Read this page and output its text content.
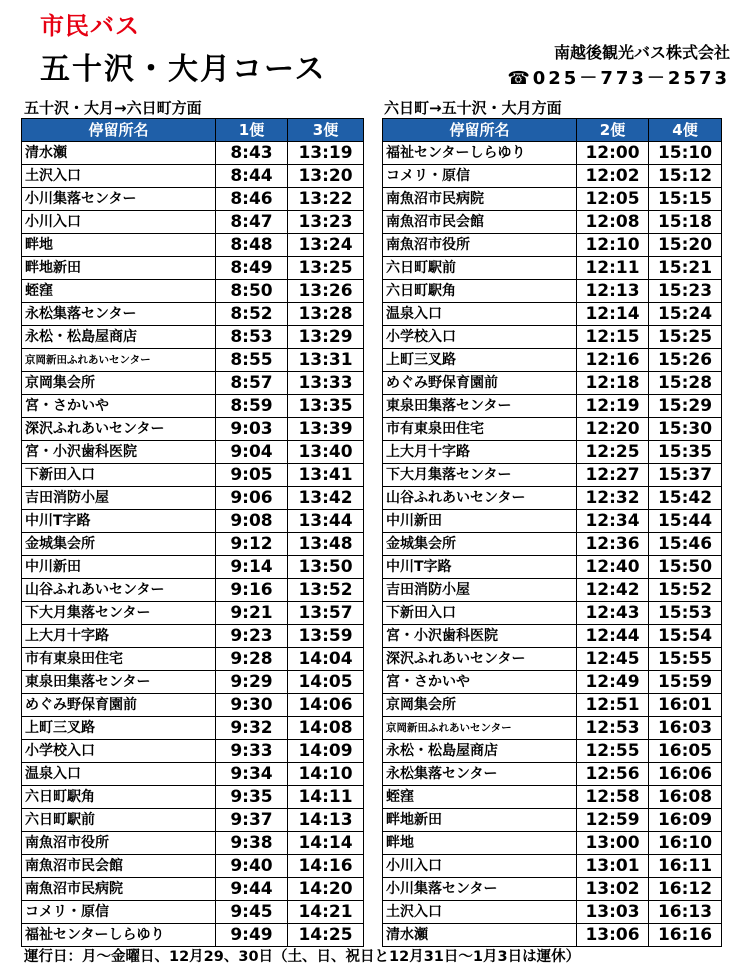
市民バス
五十沢・大月コース	南越後観光バス株式会社
☎025－773－2573
五十沢・大月→六日町方面	六日町→五十沢・大月方面
停留所名	1便	3便
清水瀬	8:43	13:19
土沢入口	8:44	13:20
小川集落センター	8:46	13:22
小川入口	8:47	13:23
畔地	8:48	13:24
畔地新田	8:49	13:25
蛭窪	8:50	13:26
永松集落センター	8:52	13:28
永松・松島屋商店	8:53	13:29
京岡新田ふれあいセンター	8:55	13:31
京岡集会所	8:57	13:33
宮・さかいや	8:59	13:35
深沢ふれあいセンター	9:03	13:39
宮・小沢歯科医院	9:04	13:40
下新田入口	9:05	13:41
吉田消防小屋	9:06	13:42
中川T字路	9:08	13:44
金城集会所	9:12	13:48
中川新田	9:14	13:50
山谷ふれあいセンター	9:16	13:52
下大月集落センター	9:21	13:57
上大月十字路	9:23	13:59
市有東泉田住宅	9:28	14:04
東泉田集落センター	9:29	14:05
めぐみ野保育園前	9:30	14:06
上町三叉路	9:32	14:08
小学校入口	9:33	14:09
温泉入口	9:34	14:10
六日町駅角	9:35	14:11
六日町駅前	9:37	14:13
南魚沼市役所	9:38	14:14
南魚沼市民会館	9:40	14:16
南魚沼市民病院	9:44	14:20
コメリ・原信	9:45	14:21
福祉センターしらゆり	9:49	14:25
停留所名	2便	4便
福祉センターしらゆり	12:00	15:10
コメリ・原信	12:02	15:12
南魚沼市民病院	12:05	15:15
南魚沼市民会館	12:08	15:18
南魚沼市役所	12:10	15:20
六日町駅前	12:11	15:21
六日町駅角	12:13	15:23
温泉入口	12:14	15:24
小学校入口	12:15	15:25
上町三叉路	12:16	15:26
めぐみ野保育園前	12:18	15:28
東泉田集落センター	12:19	15:29
市有東泉田住宅	12:20	15:30
上大月十字路	12:25	15:35
下大月集落センター	12:27	15:37
山谷ふれあいセンター	12:32	15:42
中川新田	12:34	15:44
金城集会所	12:36	15:46
中川T字路	12:40	15:50
吉田消防小屋	12:42	15:52
下新田入口	12:43	15:53
宮・小沢歯科医院	12:44	15:54
深沢ふれあいセンター	12:45	15:55
宮・さかいや	12:49	15:59
京岡集会所	12:51	16:01
京岡新田ふれあいセンター	12:53	16:03
永松・松島屋商店	12:55	16:05
永松集落センター	12:56	16:06
蛭窪	12:58	16:08
畔地新田	12:59	16:09
畔地	13:00	16:10
小川入口	13:01	16:11
小川集落センター	13:02	16:12
土沢入口	13:03	16:13
清水瀬	13:06	16:16
運行日：月～金曜日、12月29、30日（土、日、祝日と12月31日～1月3日は運休）
